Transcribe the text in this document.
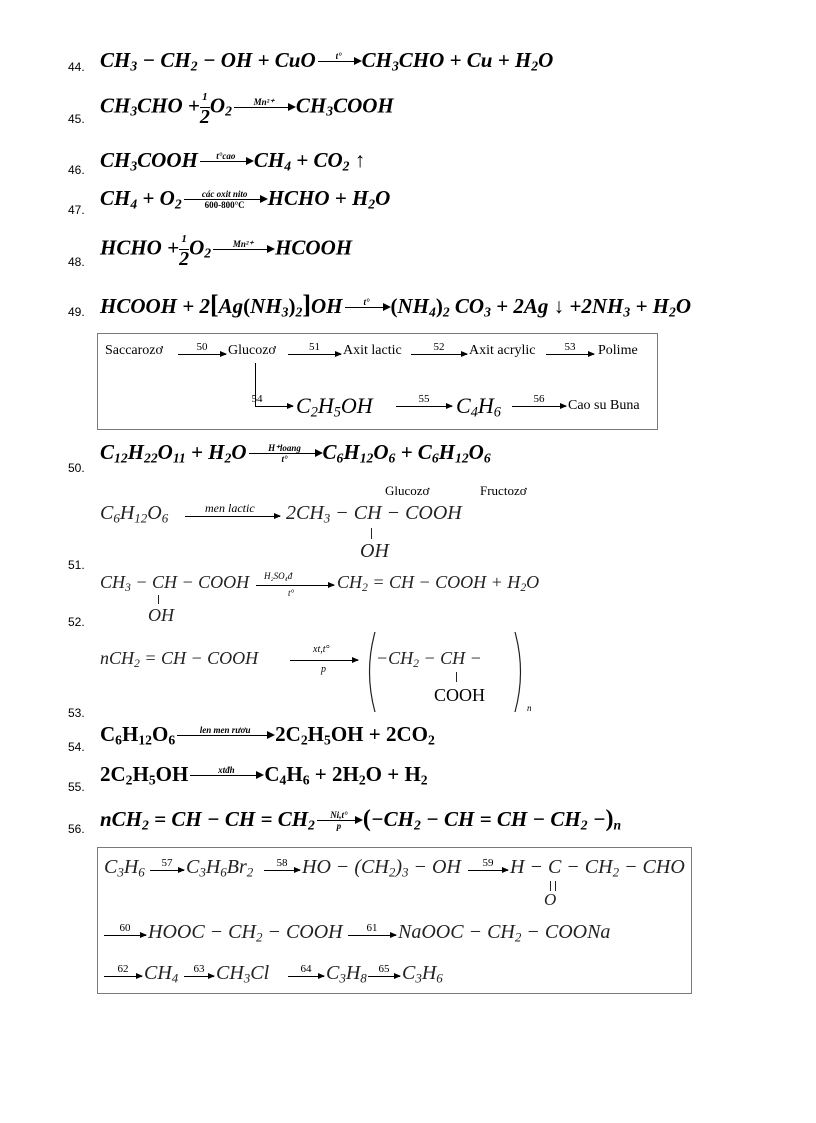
44. $CH_3 - CH_2$ − OH + CuO	t°
$CH_3CHO + Cu + H_2O$
45.
$CH_3CHO + \frac{1}{2} O_2$
Mn²⁺
	$CH_3COOH$
46. $CH_3COOH$	t°cao
$CH_4 + CO_2$ ↑
47. $CH_4 + O_2$
các oxit nito
600-800°C	HCHO + $H_2O$
48.
HCHO + $\frac{1}{2} O_2$
Mn²⁺
	HCOOH
49. HCOOH + $2[Ag(NH_3)_2]OH$	t°
$(NH_4)_2$ $CO_3 + 2Ag$ ↓ $+2NH_3 + H_2O$
Saccarozơ	50	Glucozơ	51	Axit lactic	52	Axit acrylic	53	Polime
54	$C_2H_5OH$	55	$C_4H_6$
56	Cao su Buna
50.
$C_{12}H_{22}O_{11} + H_2O$	H⁺loang
t°	$C_6H_{12}O_6 + C_6H_{12}O_6$
Glucozơ	Fructozơ
$C_6H_{12}O_6$
men lactic $2CH_3$ − CH − COOH
OH
51.
$CH_3$ − CH − COOH H₂SO₄đ
t°
$CH_2$ = CH − COOH + $H_2O$
OH
52.
nCH$_2$ = CH − COOH	xt,t°
p
$-CH_2$ − CH −
COOH
n
53.
54.
$C_6H_{12}O_6$
len men rươu
	$2C_2H_5OH + 2CO_2$
55.
$2C_2H_5OH$	xtđh
	$C_4H_6 + 2H_2O + H_2$
56. nCH$_2$ = CH − CH = $CH_2 \frac{Ni,t^\circ}{p} (-CH_2$ − CH = CH − $CH_2 -)_n$
$C_3H_6$
57 $C_3H_6Br_2$
58 HO − $(CH_2)_3$ − OH	59 $H - C - CH_2$ − CHO
O
60 HOOC − $CH_2$ − COOH	61	NaOOC − $CH_2$ − COONa
62 $CH_4$
63 $CH_3Cl$	64 $C_3H_8$
65 $C_3H_6$
